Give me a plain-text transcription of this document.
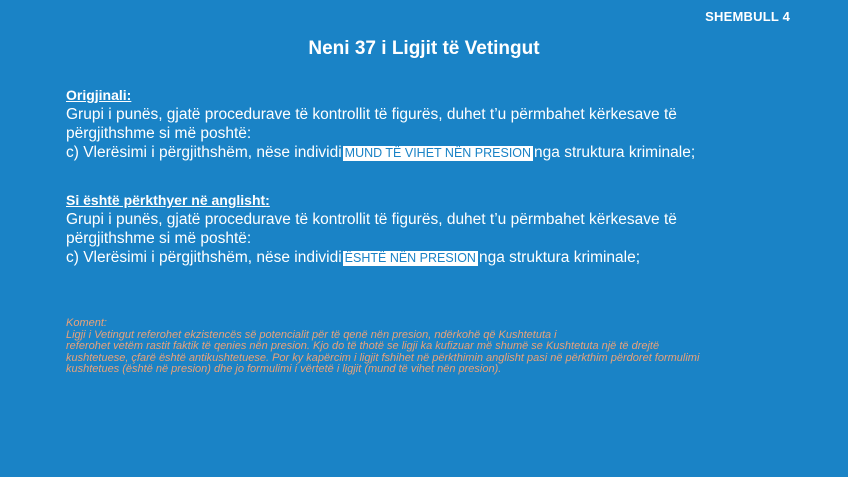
SHEMBULL 4
Neni 37 i Ligjit të Vetingut
Origjinali:
Grupi i punës, gjatë procedurave të kontrollit të figurës, duhet t’u përmbahet kërkesave të
përgjithshme si më poshtë:
c) Vlerësimi i përgjithshëm, nëse individi MUND TË VIHET NËN PRESION nga struktura kriminale;
Si është përkthyer në anglisht:
Grupi i punës, gjatë procedurave të kontrollit të figurës, duhet t’u përmbahet kërkesave të
përgjithshme si më poshtë:
c) Vlerësimi i përgjithshëm, nëse individi ËSHTË NËN PRESION nga struktura kriminale;
Koment:
Ligji i Vetingut referohet ekzistencës së potencialit për të qenë nën presion, ndërkohë që Kushtetuta i
referohet vetëm rastit faktik të qenies nën presion. Kjo do të thotë se ligji ka kufizuar më shumë se Kushtetuta një të drejtë
kushtetuese, çfarë është antikushtetuese. Por ky kapërcim i ligjit fshihet në përkthimin anglisht pasi në përkthim përdoret formulimi
kushtetues (është në presion) dhe jo formulimi i vërtetë i ligjit (mund të vihet nën presion).
